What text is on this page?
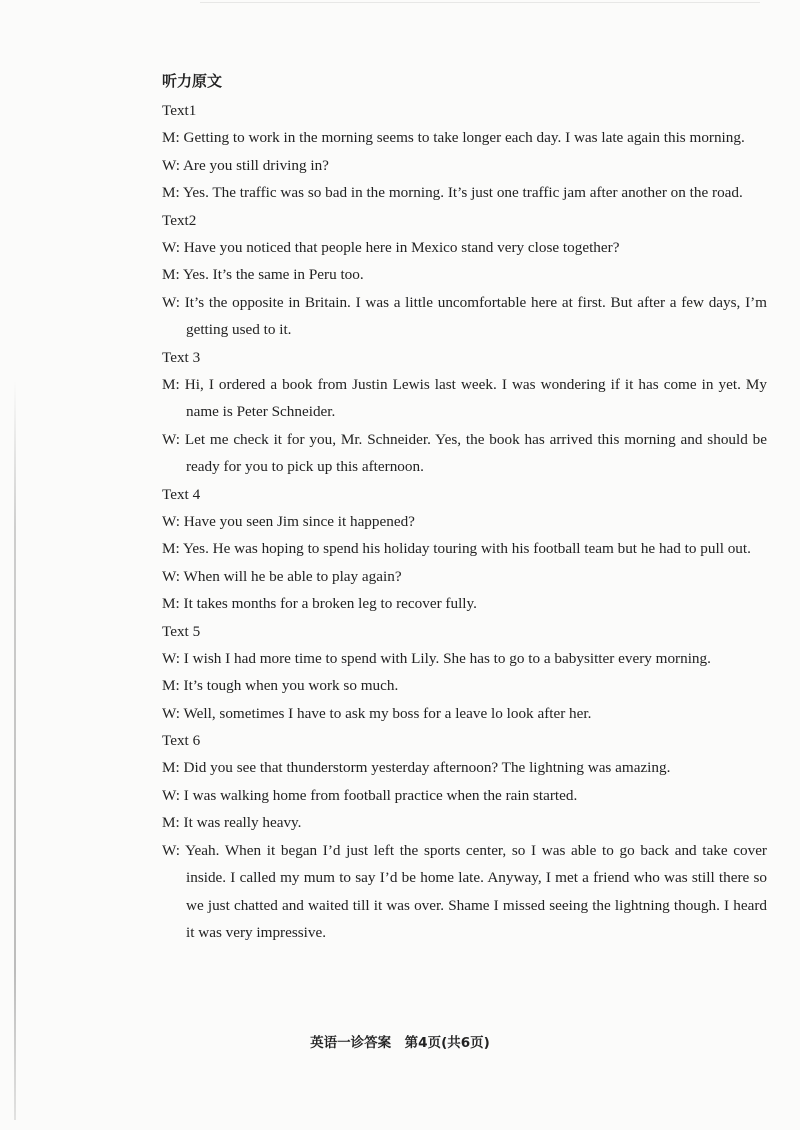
听力原文
Text1
M: Getting to work in the morning seems to take longer each day. I was late again this morning.
W: Are you still driving in?
M: Yes. The traffic was so bad in the morning. It’s just one traffic jam after another on the road.
Text2
W: Have you noticed that people here in Mexico stand very close together?
M: Yes. It’s the same in Peru too.
W: It’s the opposite in Britain. I was a little uncomfortable here at first. But after a few days, I’m getting used to it.
Text 3
M: Hi, I ordered a book from Justin Lewis last week. I was wondering if it has come in yet. My name is Peter Schneider.
W: Let me check it for you, Mr. Schneider. Yes, the book has arrived this morning and should be ready for you to pick up this afternoon.
Text 4
W: Have you seen Jim since it happened?
M: Yes. He was hoping to spend his holiday touring with his football team but he had to pull out.
W: When will he be able to play again?
M: It takes months for a broken leg to recover fully.
Text 5
W: I wish I had more time to spend with Lily. She has to go to a babysitter every morning.
M: It’s tough when you work so much.
W: Well, sometimes I have to ask my boss for a leave lo look after her.
Text 6
M: Did you see that thunderstorm yesterday afternoon? The lightning was amazing.
W: I was walking home from football practice when the rain started.
M: It was really heavy.
W: Yeah. When it began I’d just left the sports center, so I was able to go back and take cover inside. I called my mum to say I’d be home late. Anyway, I met a friend who was still there so we just chatted and waited till it was over. Shame I missed seeing the lightning though. I heard it was very impressive.
英语一诊答案　第4页(共6页)
